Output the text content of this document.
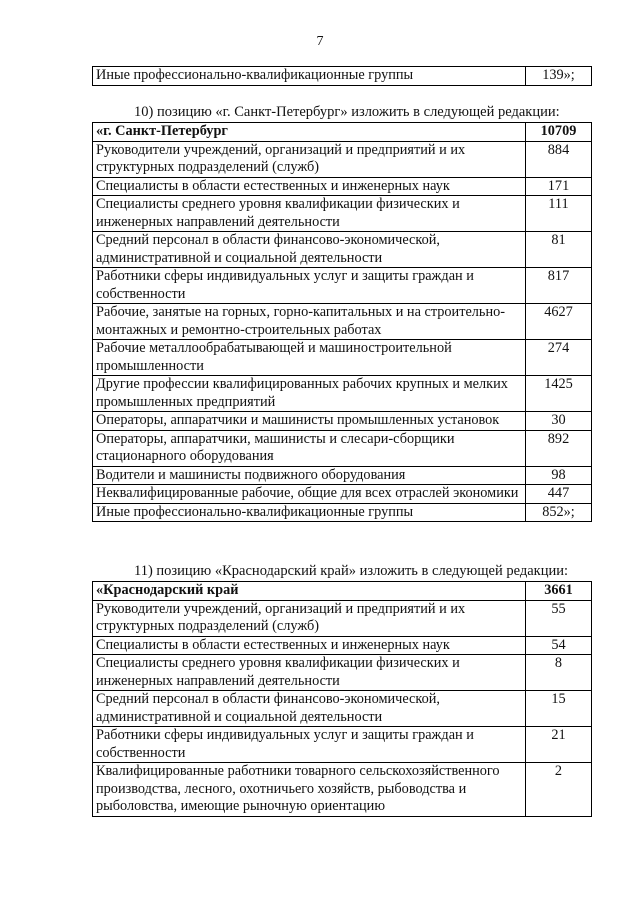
7
Иные профессионально-квалификационные группы	139»;
10) позицию «г. Санкт-Петербург» изложить в следующей редакции:
«г. Санкт-Петербург	10709
Руководители учреждений, организаций и предприятий и их структурных подразделений (служб)	884
Специалисты в области естественных и инженерных наук	171
Специалисты среднего уровня квалификации физических и инженерных направлений деятельности	111
Средний персонал в области финансово-экономической, административной и социальной деятельности	81
Работники сферы индивидуальных услуг и защиты граждан и собственности	817
Рабочие, занятые на горных, горно-капитальных и на строительно-монтажных и ремонтно-строительных работах	4627
Рабочие металлообрабатывающей и машиностроительной промышленности	274
Другие профессии квалифицированных рабочих крупных и мелких промышленных предприятий	1425
Операторы, аппаратчики и машинисты промышленных установок	30
Операторы, аппаратчики, машинисты и слесари-сборщики стационарного оборудования	892
Водители и машинисты подвижного оборудования	98
Неквалифицированные рабочие, общие для всех отраслей экономики	447
Иные профессионально-квалификационные группы	852»;
11) позицию «Краснодарский край» изложить в следующей редакции:
«Краснодарский край	3661
Руководители учреждений, организаций и предприятий и их структурных подразделений (служб)	55
Специалисты в области естественных и инженерных наук	54
Специалисты среднего уровня квалификации физических и инженерных направлений деятельности	8
Средний персонал в области финансово-экономической, административной и социальной деятельности	15
Работники сферы индивидуальных услуг и защиты граждан и собственности	21
Квалифицированные работники товарного сельскохозяйственного производства, лесного, охотничьего хозяйств, рыбоводства и рыболовства, имеющие рыночную ориентацию	2
